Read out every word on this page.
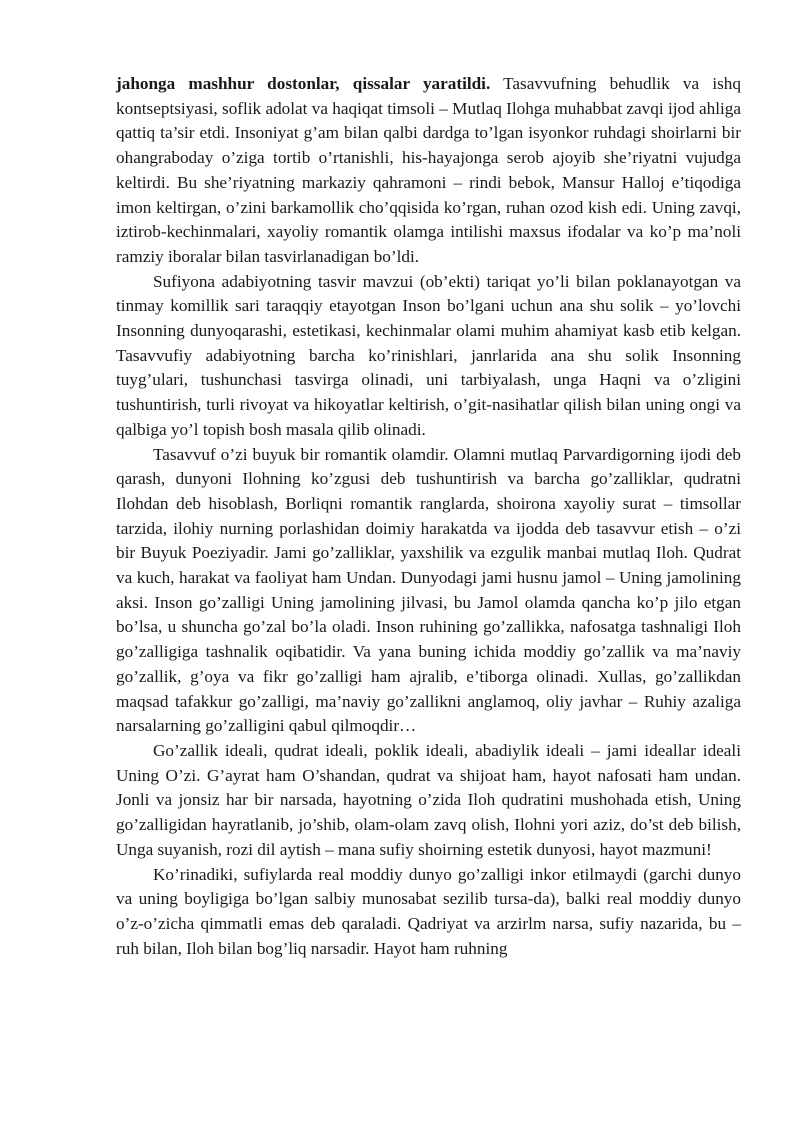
jahonga mashhur dostonlar, qissalar yaratildi. Tasavvufning behudlik va ishq kontseptsiyasi, soflik adolat va haqiqat timsoli – Mutlaq Ilohga muhabbat zavqi ijod ahliga qattiq ta’sir etdi. Insoniyat g’am bilan qalbi dardga to’lgan isyonkor ruhdagi shoirlarni bir ohangraboday o’ziga tortib o’rtanishli, his-hayajonga serob ajoyib she’riyatni vujudga keltirdi. Bu she’riyatning markaziy qahramoni – rindi bebok, Mansur Halloj e’tiqodiga imon keltirgan, o’zini barkamollik cho’qqisida ko’rgan, ruhan ozod kish edi. Uning zavqi, iztirob-kechinmalari, xayoliy romantik olamga intilishi maxsus ifodalar va ko’p ma’noli ramziy iboralar bilan tasvirlanadigan bo’ldi.

Sufiyona adabiyotning tasvir mavzui (ob’ekti) tariqat yo’li bilan poklanayotgan va tinmay komillik sari taraqqiy etayotgan Inson bo’lgani uchun ana shu solik – yo’lovchi Insonning dunyoqarashi, estetikasi, kechinmalar olami muhim ahamiyat kasb etib kelgan. Tasavvufiy adabiyotning barcha ko’rinishlari, janrlarida ana shu solik Insonning tuyg’ulari, tushunchasi tasvirga olinadi, uni tarbiyalash, unga Haqni va o’zligini tushuntirish, turli rivoyat va hikoyatlar keltirish, o’git-nasihatlar qilish bilan uning ongi va qalbiga yo’l topish bosh masala qilib olinadi.

Tasavvuf o’zi buyuk bir romantik olamdir. Olamni mutlaq Parvardigorning ijodi deb qarash, dunyoni Ilohning ko’zgusi deb tushuntirish va barcha go’zalliklar, qudratni Ilohdan deb hisoblash, Borliqni romantik ranglarda, shoirona xayoliy surat – timsollar tarzida, ilohiy nurning porlashidan doimiy harakatda va ijodda deb tasavvur etish – o’zi bir Buyuk Poeziyadir. Jami go’zalliklar, yaxshilik va ezgulik manbai mutlaq Iloh. Qudrat va kuch, harakat va faoliyat ham Undan. Dunyodagi jami husnu jamol – Uning jamolining aksi. Inson go’zalligi Uning jamolining jilvasi, bu Jamol olamda qancha ko’p jilo etgan bo’lsa, u shuncha go’zal bo’la oladi. Inson ruhining go’zallikka, nafosatga tashnaligi Iloh go’zalligiga tashnalik oqibatidir. Va yana buning ichida moddiy go’zallik va ma’naviy go’zallik, g’oya va fikr go’zalligi ham ajralib, e’tiborga olinadi. Xullas, go’zallikdan maqsad tafakkur go’zalligi, ma’naviy go’zallikni anglamoq, oliy javhar – Ruhiy azaliga narsalarning go’zalligini qabul qilmoqdir…

Go’zallik ideali, qudrat ideali, poklik ideali, abadiylik ideali – jami ideallar ideali Uning O’zi. G’ayrat ham O’shandan, qudrat va shijoat ham, hayot nafosati ham undan. Jonli va jonsiz har bir narsada, hayotning o’zida Iloh qudratini mushohada etish, Uning go’zalligidan hayratlanib, jo’shib, olam-olam zavq olish, Ilohni yori aziz, do’st deb bilish, Unga suyanish, rozi dil aytish – mana sufiy shoirning estetik dunyosi, hayot mazmuni!

Ko’rinadiki, sufiylarda real moddiy dunyo go’zalligi inkor etilmaydi (garchi dunyo va uning boyligiga bo’lgan salbiy munosabat sezilib tursa-da), balki real moddiy dunyo o’z-o’zicha qimmatli emas deb qaraladi. Qadriyat va arzirlm narsa, sufiy nazarida, bu – ruh bilan, Iloh bilan bog’liq narsadir. Hayot ham ruhning
